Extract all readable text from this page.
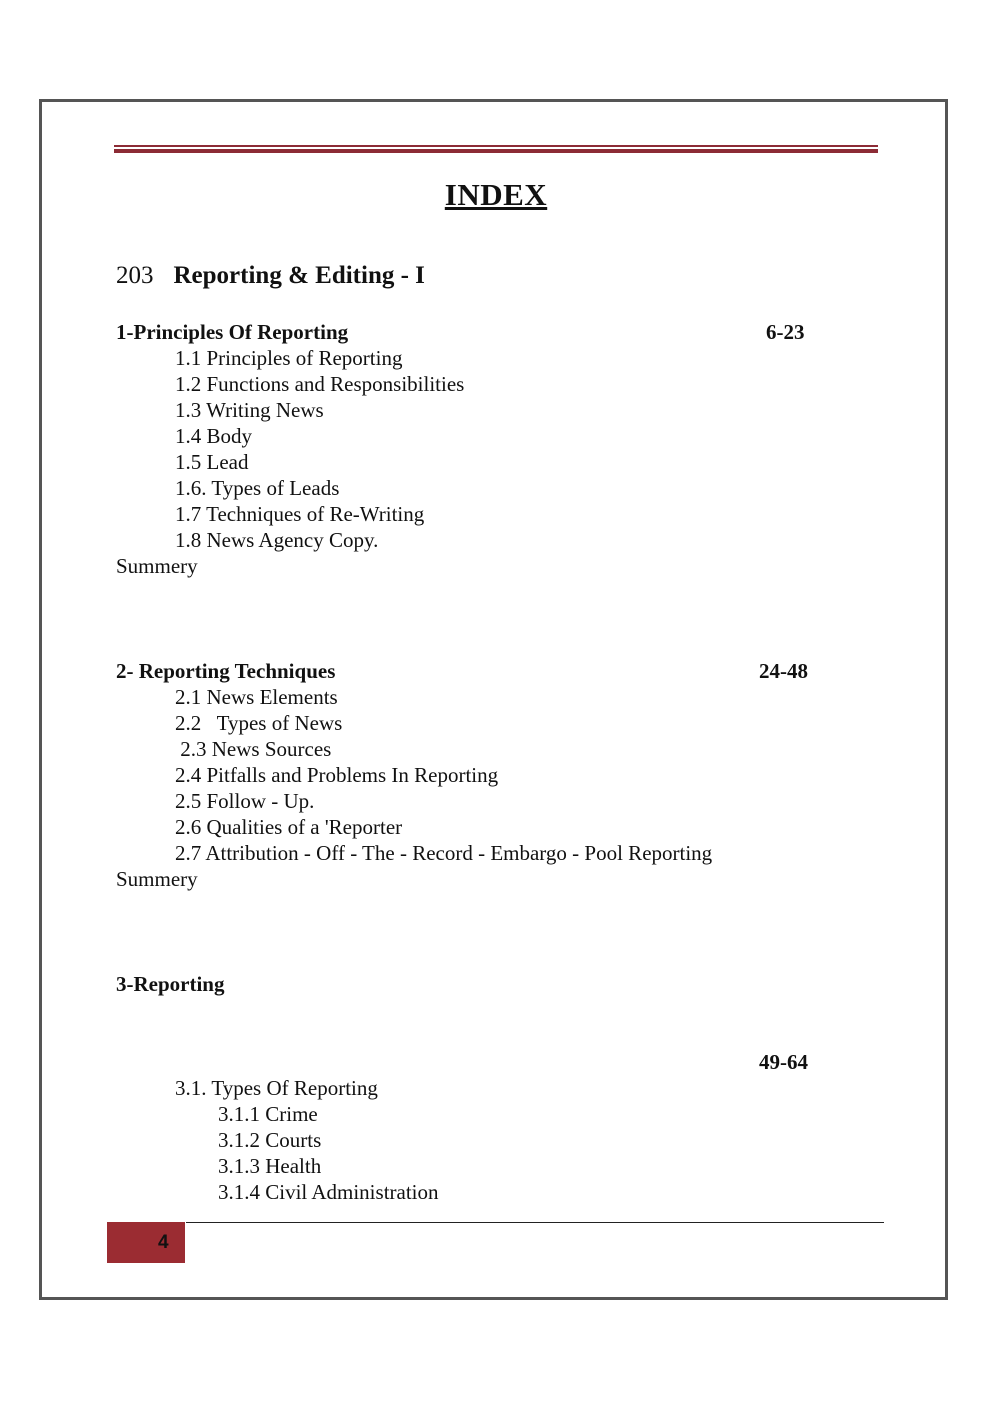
INDEX
203 Reporting & Editing - I
1-Principles Of Reporting	6-23
1.1 Principles of Reporting
1.2 Functions and Responsibilities
1.3 Writing News
1.4 Body
1.5 Lead
1.6. Types of Leads
1.7 Techniques of Re-Writing
1.8 News Agency Copy.
Summery
2- Reporting Techniques	24-48
2.1 News Elements
2.2   Types of News
2.3 News Sources
2.4 Pitfalls and Problems In Reporting
2.5 Follow - Up.
2.6 Qualities of a 'Reporter
2.7 Attribution - Off - The - Record - Embargo - Pool Reporting
Summery
3-Reporting
49-64
3.1. Types Of Reporting
3.1.1 Crime
3.1.2 Courts
3.1.3 Health
3.1.4 Civil Administration
4
